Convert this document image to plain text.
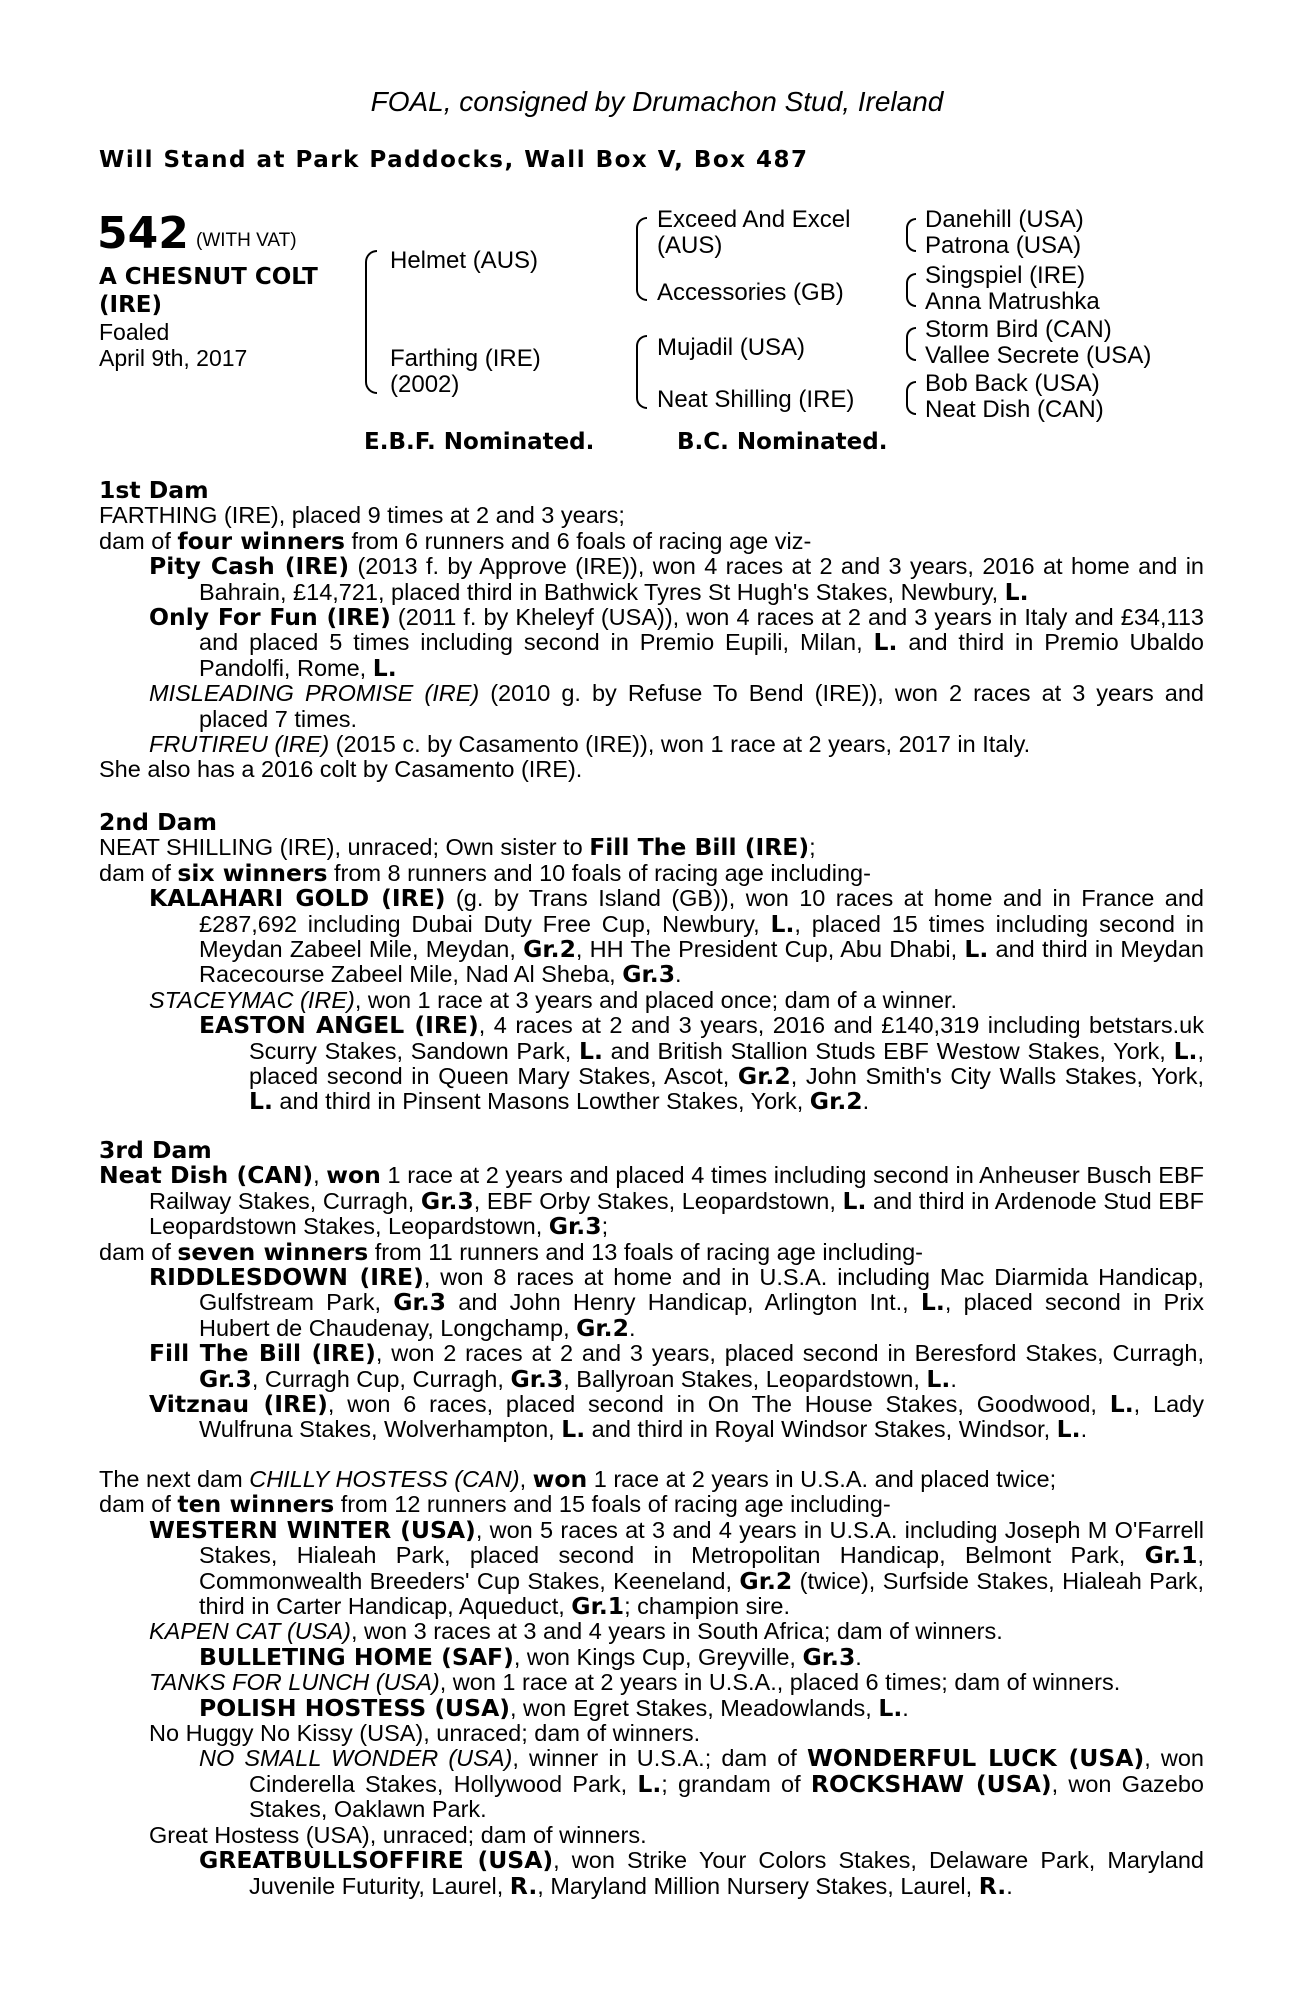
FOAL, consigned by Drumachon Stud, Ireland
Will Stand at Park Paddocks, Wall Box V, Box 487
542 (WITH VAT)
A CHESNUT COLT
(IRE)
Foaled
April 9th, 2017
Helmet (AUS)
Farthing (IRE)
(2002)
Exceed And Excel
(AUS)
Accessories (GB)
Mujadil (USA)
Neat Shilling (IRE)
Danehill (USA)
Patrona (USA)
Singspiel (IRE)
Anna Matrushka
Storm Bird (CAN)
Vallee Secrete (USA)
Bob Back (USA)
Neat Dish (CAN)
E.B.F. Nominated.	B.C. Nominated.
1st Dam
FARTHING (IRE), placed 9 times at 2 and 3 years;
dam of four winners from 6 runners and 6 foals of racing age viz-
Pity Cash (IRE) (2013 f. by Approve (IRE)), won 4 races at 2 and 3 years, 2016 at home and in Bahrain, £14,721, placed third in Bathwick Tyres St Hugh's Stakes, Newbury, L.
Only For Fun (IRE) (2011 f. by Kheleyf (USA)), won 4 races at 2 and 3 years in Italy and £34,113 and placed 5 times including second in Premio Eupili, Milan, L. and third in Premio Ubaldo Pandolfi, Rome, L.
MISLEADING PROMISE (IRE) (2010 g. by Refuse To Bend (IRE)), won 2 races at 3 years and placed 7 times.
FRUTIREU (IRE) (2015 c. by Casamento (IRE)), won 1 race at 2 years, 2017 in Italy.
She also has a 2016 colt by Casamento (IRE).
2nd Dam
NEAT SHILLING (IRE), unraced; Own sister to Fill The Bill (IRE);
dam of six winners from 8 runners and 10 foals of racing age including-
KALAHARI GOLD (IRE) (g. by Trans Island (GB)), won 10 races at home and in France and £287,692 including Dubai Duty Free Cup, Newbury, L., placed 15 times including second in Meydan Zabeel Mile, Meydan, Gr.2, HH The President Cup, Abu Dhabi, L. and third in Meydan Racecourse Zabeel Mile, Nad Al Sheba, Gr.3.
STACEYMAC (IRE), won 1 race at 3 years and placed once; dam of a winner.
EASTON ANGEL (IRE), 4 races at 2 and 3 years, 2016 and £140,319 including betstars.uk Scurry Stakes, Sandown Park, L. and British Stallion Studs EBF Westow Stakes, York, L., placed second in Queen Mary Stakes, Ascot, Gr.2, John Smith's City Walls Stakes, York, L. and third in Pinsent Masons Lowther Stakes, York, Gr.2.
3rd Dam
Neat Dish (CAN), won 1 race at 2 years and placed 4 times including second in Anheuser Busch EBF Railway Stakes, Curragh, Gr.3, EBF Orby Stakes, Leopardstown, L. and third in Ardenode Stud EBF Leopardstown Stakes, Leopardstown, Gr.3;
dam of seven winners from 11 runners and 13 foals of racing age including-
RIDDLESDOWN (IRE), won 8 races at home and in U.S.A. including Mac Diarmida Handicap, Gulfstream Park, Gr.3 and John Henry Handicap, Arlington Int., L., placed second in Prix Hubert de Chaudenay, Longchamp, Gr.2.
Fill The Bill (IRE), won 2 races at 2 and 3 years, placed second in Beresford Stakes, Curragh, Gr.3, Curragh Cup, Curragh, Gr.3, Ballyroan Stakes, Leopardstown, L..
Vitznau (IRE), won 6 races, placed second in On The House Stakes, Goodwood, L., Lady Wulfruna Stakes, Wolverhampton, L. and third in Royal Windsor Stakes, Windsor, L..
The next dam CHILLY HOSTESS (CAN), won 1 race at 2 years in U.S.A. and placed twice;
dam of ten winners from 12 runners and 15 foals of racing age including-
WESTERN WINTER (USA), won 5 races at 3 and 4 years in U.S.A. including Joseph M O'Farrell Stakes, Hialeah Park, placed second in Metropolitan Handicap, Belmont Park, Gr.1, Commonwealth Breeders' Cup Stakes, Keeneland, Gr.2 (twice), Surfside Stakes, Hialeah Park, third in Carter Handicap, Aqueduct, Gr.1; champion sire.
KAPEN CAT (USA), won 3 races at 3 and 4 years in South Africa; dam of winners.
BULLETING HOME (SAF), won Kings Cup, Greyville, Gr.3.
TANKS FOR LUNCH (USA), won 1 race at 2 years in U.S.A., placed 6 times; dam of winners.
POLISH HOSTESS (USA), won Egret Stakes, Meadowlands, L..
No Huggy No Kissy (USA), unraced; dam of winners.
NO SMALL WONDER (USA), winner in U.S.A.; dam of WONDERFUL LUCK (USA), won Cinderella Stakes, Hollywood Park, L.; grandam of ROCKSHAW (USA), won Gazebo Stakes, Oaklawn Park.
Great Hostess (USA), unraced; dam of winners.
GREATBULLSOFFIRE (USA), won Strike Your Colors Stakes, Delaware Park, Maryland Juvenile Futurity, Laurel, R., Maryland Million Nursery Stakes, Laurel, R..
